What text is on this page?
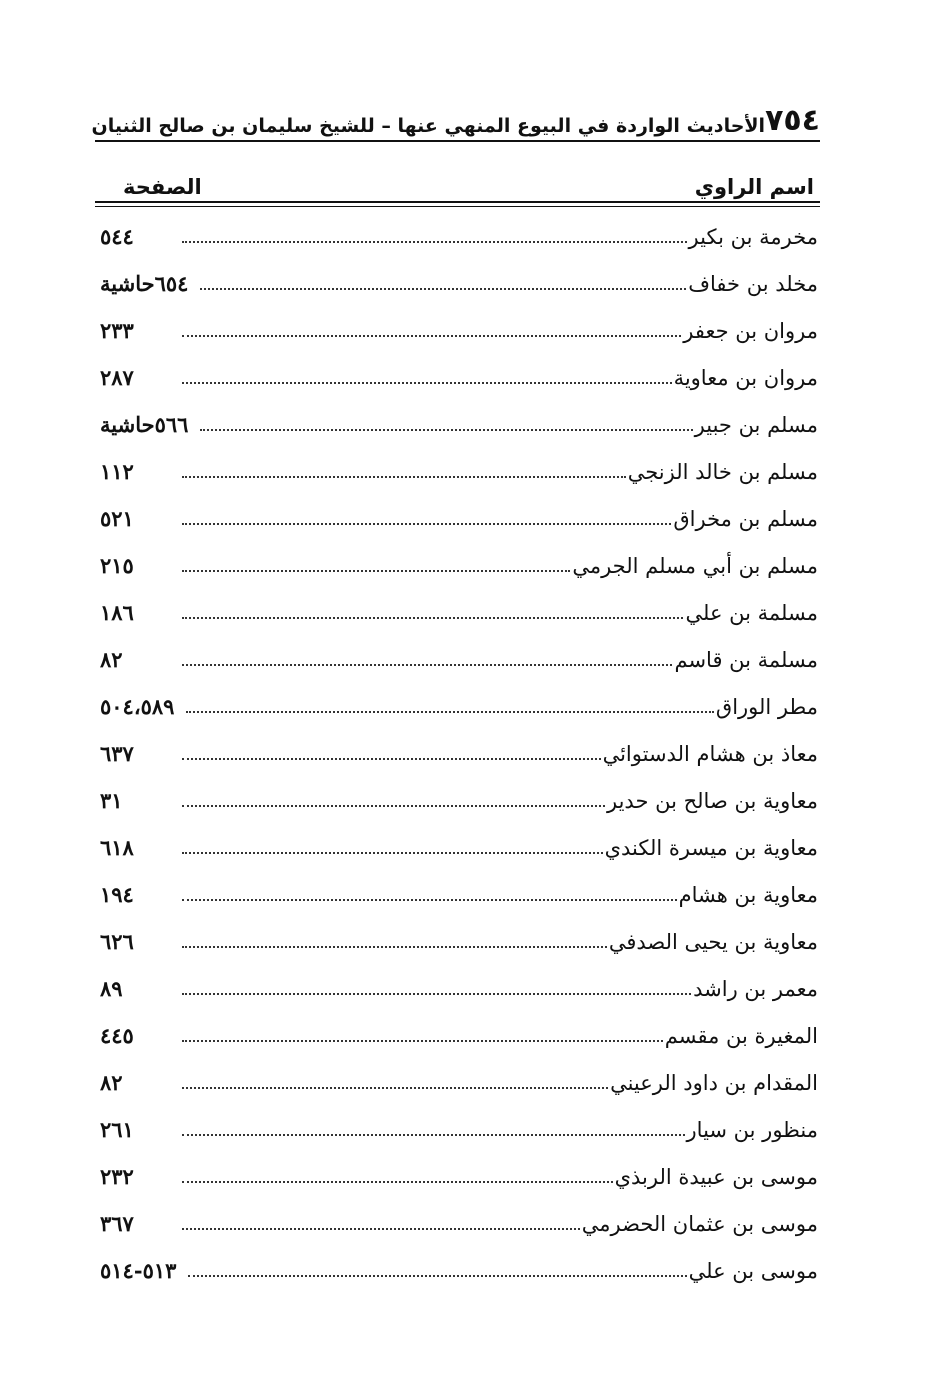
٧٥٤
الأحاديث الواردة في البيوع المنهي عنها – للشيخ سليمان بن صالح الثنيان
اسم الراوي
الصفحة
مخرمة بن بكير
٥٤٤
مخلد بن خفاف
٦٥٤حاشية
مروان بن جعفر
٢٣٣
مروان بن معاوية
٢٨٧
مسلم بن جبير
٥٦٦حاشية
مسلم بن خالد الزنجي
١١٢
مسلم بن مخراق
٥٢١
مسلم بن أبي مسلم الجرمي
٢١٥
مسلمة بن علي
١٨٦
مسلمة بن قاسم
٨٢
مطر الوراق
٥٠٤،٥٨٩
معاذ بن هشام الدستوائي
٦٣٧
معاوية بن صالح بن حدير
٣١
معاوية بن ميسرة الكندي
٦١٨
معاوية بن هشام
١٩٤
معاوية بن يحيى الصدفي
٦٢٦
معمر بن راشد
٨٩
المغيرة بن مقسم
٤٤٥
المقدام بن داود الرعيني
٨٢
منظور بن سيار
٢٦١
موسى بن عبيدة الربذي
٢٣٢
موسى بن عثمان الحضرمي
٣٦٧
موسى بن علي
٥١٣-٥١٤
